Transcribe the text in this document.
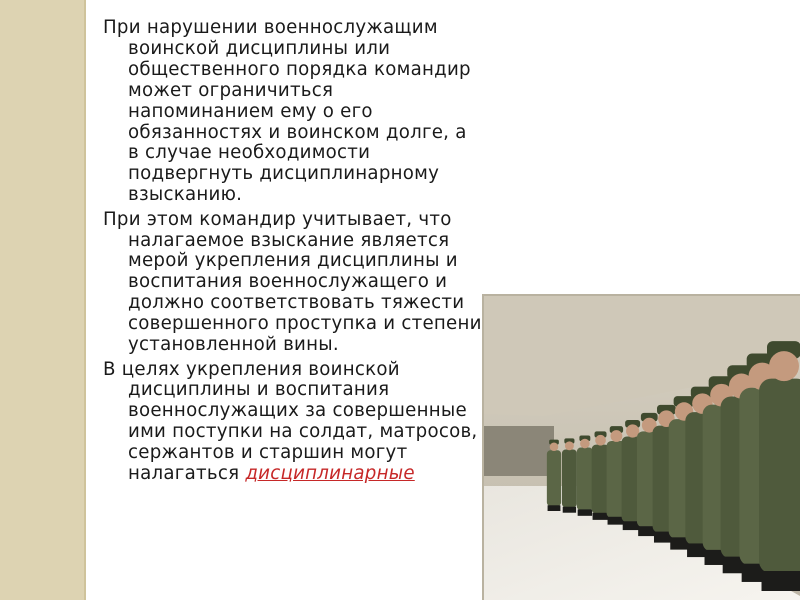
При нарушении военнослужащим воинской дисциплины или общественного порядка командир может ограничиться напоминанием ему о его обязанностях и воинском долге, а в случае необходимости подвергнуть дисциплинарному взысканию.

При этом командир учитывает, что налагаемое взыскание является мерой укрепления дисциплины и воспитания военнослужащего и должно соответствовать тяжести совершенного проступка и степени установленной вины.

В целях укрепления воинской дисциплины и воспитания военнослужащих за совершенные ими поступки на солдат, матросов, сержантов и старшин могут налагаться дисциплинарные
